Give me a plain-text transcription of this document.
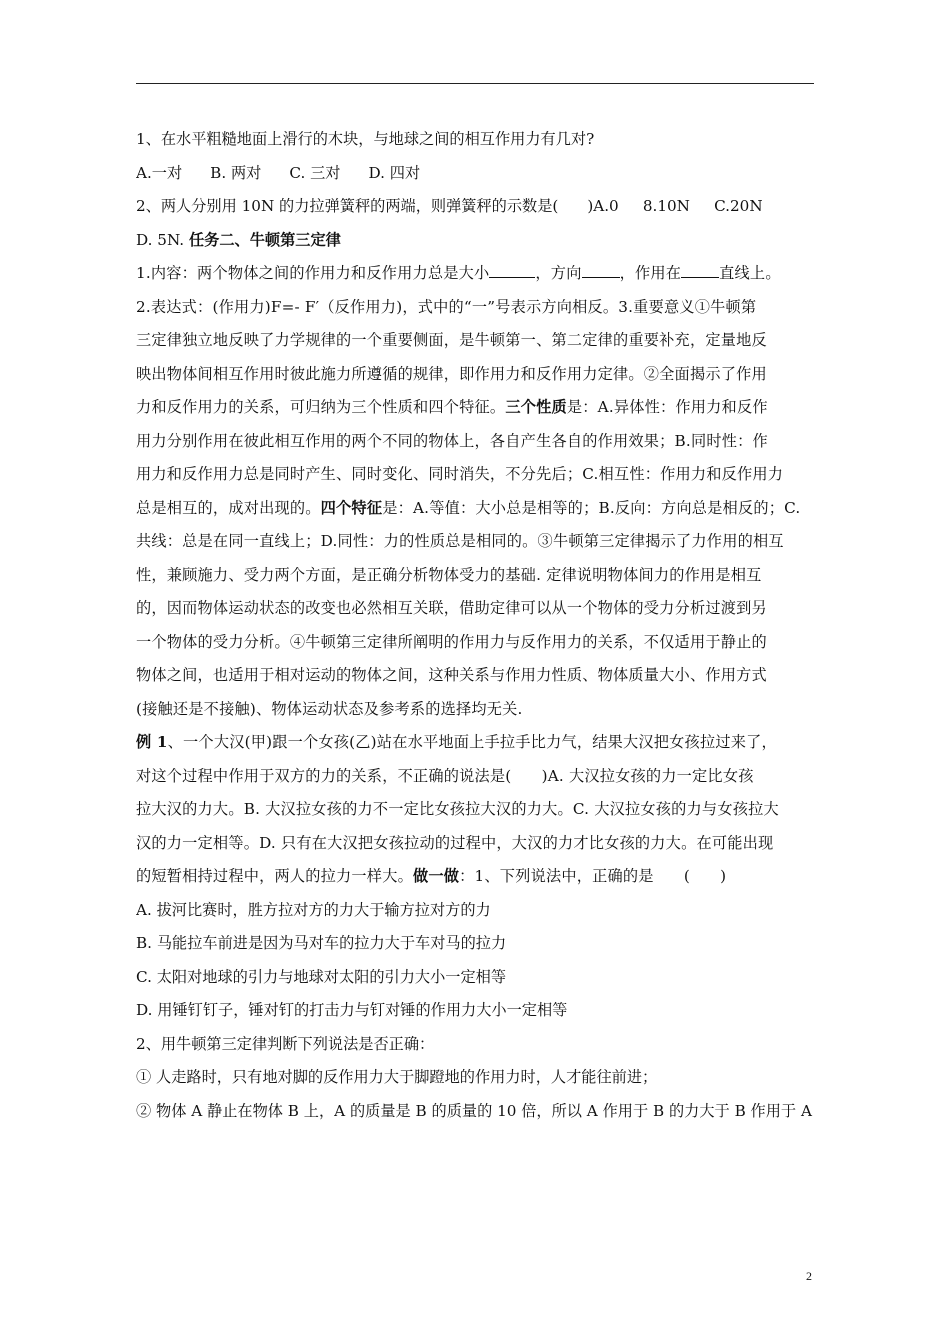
1、在水平粗糙地面上滑行的木块，与地球之间的相互作用力有几对?
A.一对 B. 两对 C. 三对 D. 四对
2、两人分别用 10N 的力拉弹簧秤的两端，则弹簧秤的示数是(      )A.0     8.10N     C.20N
D. 5N. 任务二、牛顿第三定律
1.内容：两个物体之间的作用力和反作用力总是大小	，方向	，作用在	直线上。
2.表达式：(作用力)F=- F′（反作用力)，式中的“一”号表示方向相反。3.重要意义①牛顿第
三定律独立地反映了力学规律的一个重要侧面，是牛顿第一、第二定律的重要补充，定量地反
映出物体间相互作用时彼此施力所遵循的规律，即作用力和反作用力定律。②全面揭示了作用
力和反作用力的关系，可归纳为三个性质和四个特征。三个性质是：A.异体性：作用力和反作
用力分别作用在彼此相互作用的两个不同的物体上，各自产生各自的作用效果；B.同时性：作
用力和反作用力总是同时产生、同时变化、同时消失，不分先后；C.相互性：作用力和反作用力
总是相互的，成对出现的。四个特征是：A.等值：大小总是相等的；B.反向：方向总是相反的；C.
共线：总是在同一直线上；D.同性：力的性质总是相同的。③牛顿第三定律揭示了力作用的相互
性，兼顾施力、受力两个方面，是正确分析物体受力的基础. 定律说明物体间力的作用是相互
的，因而物体运动状态的改变也必然相互关联，借助定律可以从一个物体的受力分析过渡到另
一个物体的受力分析。④牛顿第三定律所阐明的作用力与反作用力的关系，不仅适用于静止的
物体之间，也适用于相对运动的物体之间，这种关系与作用力性质、物体质量大小、作用方式
(接触还是不接触)、物体运动状态及参考系的选择均无关.
例 1、一个大汉(甲)跟一个女孩(乙)站在水平地面上手拉手比力气，结果大汉把女孩拉过来了，
对这个过程中作用于双方的力的关系，不正确的说法是(      )A. 大汉拉女孩的力一定比女孩
拉大汉的力大。B. 大汉拉女孩的力不一定比女孩拉大汉的力大。C. 大汉拉女孩的力与女孩拉大
汉的力一定相等。D. 只有在大汉把女孩拉动的过程中，大汉的力才比女孩的力大。在可能出现
的短暂相持过程中，两人的拉力一样大。做一做：1、下列说法中，正确的是      (      )
A. 拔河比赛时，胜方拉对方的力大于输方拉对方的力
B. 马能拉车前进是因为马对车的拉力大于车对马的拉力
C. 太阳对地球的引力与地球对太阳的引力大小一定相等
D. 用锤钉钉子，锤对钉的打击力与钉对锤的作用力大小一定相等
2、用牛顿第三定律判断下列说法是否正确：
① 人走路时，只有地对脚的反作用力大于脚蹬地的作用力时，人才能往前进；
② 物体 A 静止在物体 B 上，A 的质量是 B 的质量的 10 倍，所以 A 作用于 B 的力大于 B 作用于 A
2
